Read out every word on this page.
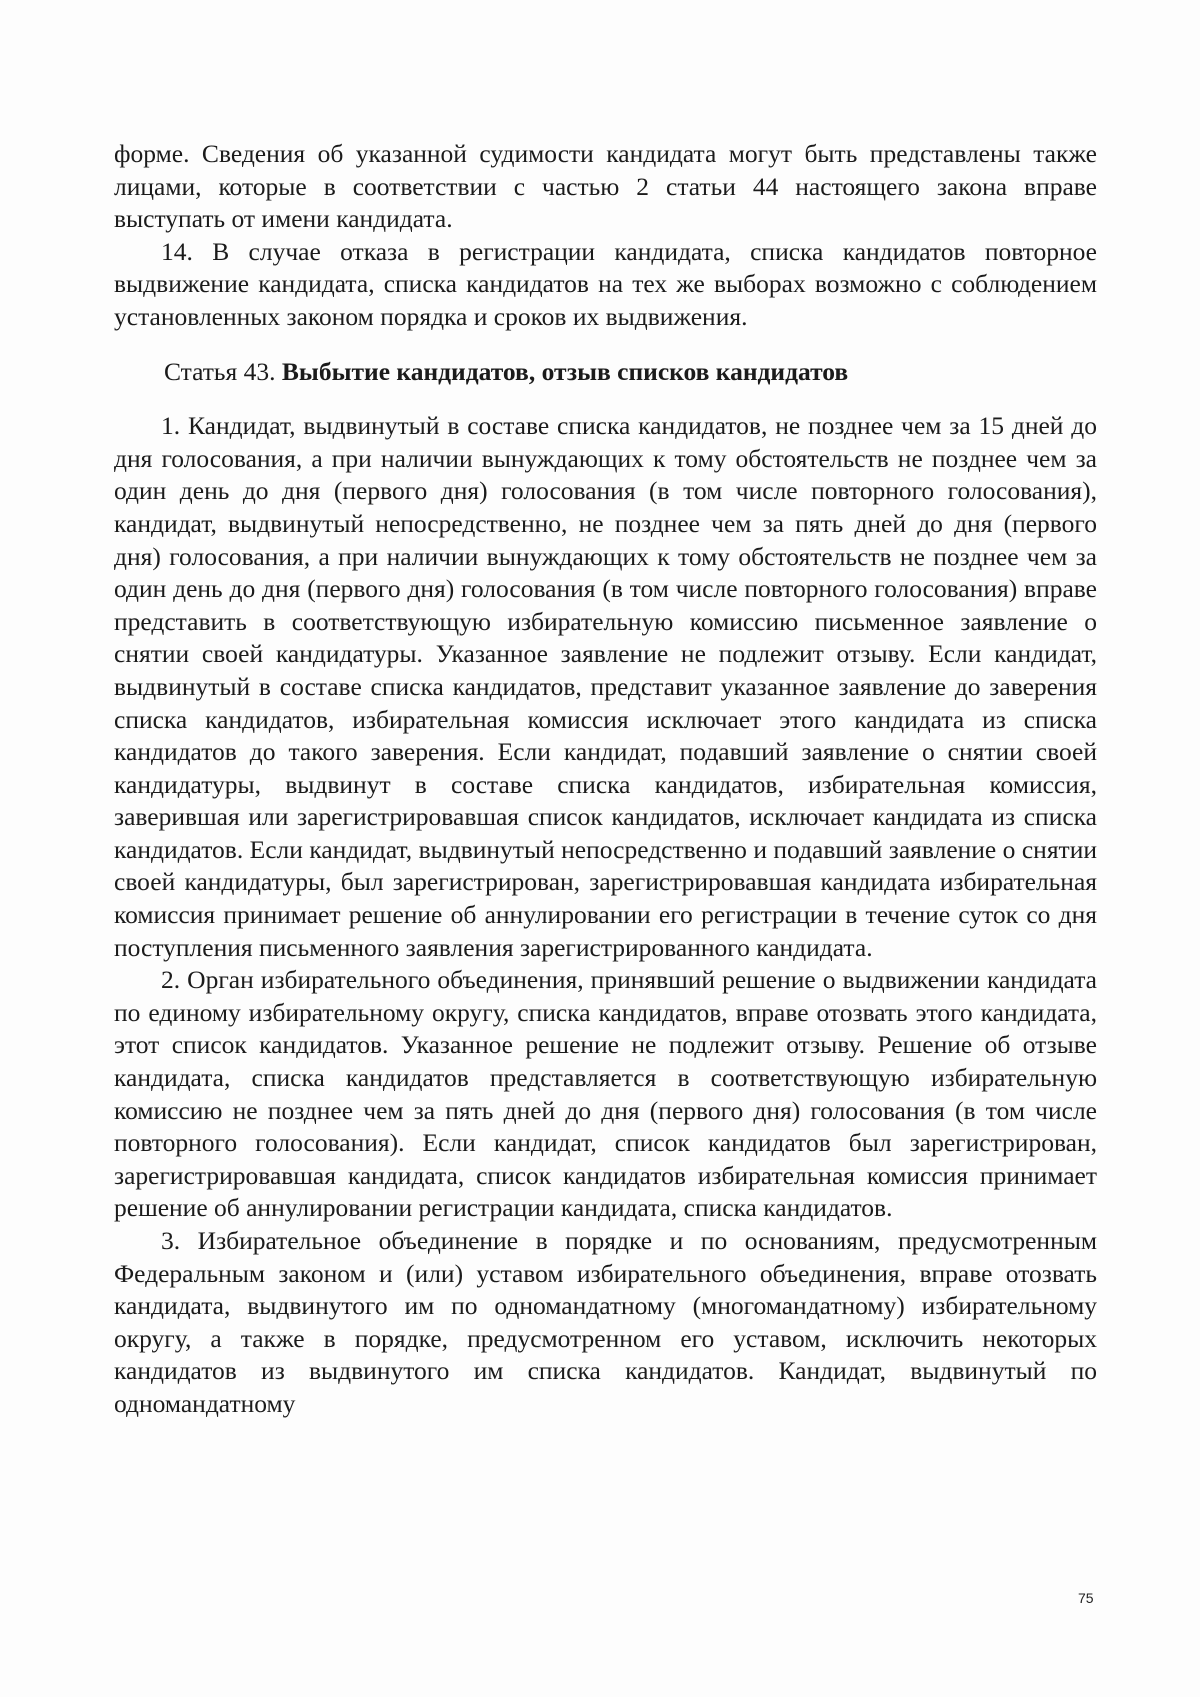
форме. Сведения об указанной судимости кандидата могут быть представлены также лицами, которые в соответствии с частью 2 статьи 44 настоящего закона вправе выступать от имени кандидата.

14. В случае отказа в регистрации кандидата, списка кандидатов повторное выдвижение кандидата, списка кандидатов на тех же выборах возможно с соблюдением установленных законом порядка и сроков их выдвижения.

Статья 43. Выбытие кандидатов, отзыв списков кандидатов

1. Кандидат, выдвинутый в составе списка кандидатов, не позднее чем за 15 дней до дня голосования, а при наличии вынуждающих к тому обстоятельств не позднее чем за один день до дня (первого дня) голосования (в том числе повторного голосования), кандидат, выдвинутый непосредственно, не позднее чем за пять дней до дня (первого дня) голосования, а при наличии вынуждающих к тому обстоятельств не позднее чем за один день до дня (первого дня) голосования (в том числе повторного голосования) вправе представить в соответствующую избирательную комиссию письменное заявление о снятии своей кандидатуры. Указанное заявление не подлежит отзыву. Если кандидат, выдвинутый в составе списка кандидатов, представит указанное заявление до заверения списка кандидатов, избирательная комиссия исключает этого кандидата из списка кандидатов до такого заверения. Если кандидат, подавший заявление о снятии своей кандидатуры, выдвинут в составе списка кандидатов, избирательная комиссия, заверившая или зарегистрировавшая список кандидатов, исключает кандидата из списка кандидатов. Если кандидат, выдвинутый непосредственно и подавший заявление о снятии своей кандидатуры, был зарегистрирован, зарегистрировавшая кандидата избирательная комиссия принимает решение об аннулировании его регистрации в течение суток со дня поступления письменного заявления зарегистрированного кандидата.

2. Орган избирательного объединения, принявший решение о выдвижении кандидата по единому избирательному округу, списка кандидатов, вправе отозвать этого кандидата, этот список кандидатов. Указанное решение не подлежит отзыву. Решение об отзыве кандидата, списка кандидатов представляется в соответствующую избирательную комиссию не позднее чем за пять дней до дня (первого дня) голосования (в том числе повторного голосования). Если кандидат, список кандидатов был зарегистрирован, зарегистрировавшая кандидата, список кандидатов избирательная комиссия принимает решение об аннулировании регистрации кандидата, списка кандидатов.

3. Избирательное объединение в порядке и по основаниям, предусмотренным Федеральным законом и (или) уставом избирательного объединения, вправе отозвать кандидата, выдвинутого им по одномандатному (многомандатному) избирательному округу, а также в порядке, предусмотренном его уставом, исключить некоторых кандидатов из выдвинутого им списка кандидатов. Кандидат, выдвинутый по одномандатному

75
